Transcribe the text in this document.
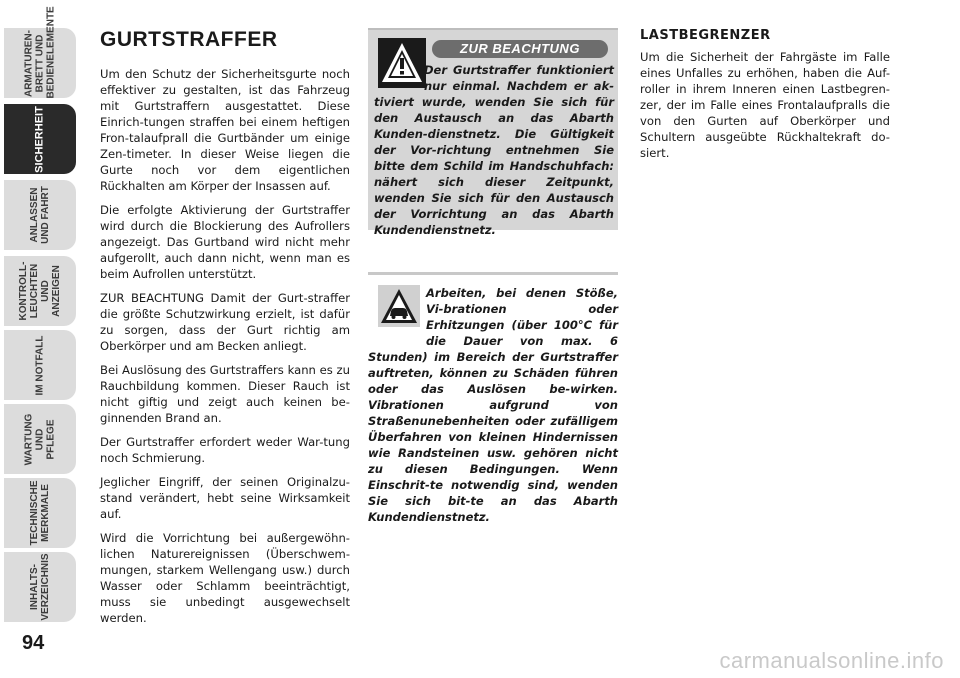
ARMATUREN-
BRETT UND
BEDIENELEMENTE
SICHERHEIT
ANLASSEN
UND FAHRT
KONTROLL-
LEUCHTEN UND
ANZEIGEN
IM NOTFALL
WARTUNG UND
PFLEGE
TECHNISCHE
MERKMALE
INHALTS-
VERZEICHNIS
94
GURTSTRAFFER

Um den Schutz der Sicherheitsgurte noch effektiver zu gestalten, ist das Fahrzeug mit Gurtstraffern ausgestattet. Diese Einrich-tungen straffen bei einem heftigen Fron-talaufprall die Gurtbänder um einige Zen-timeter. In dieser Weise liegen die Gurte noch vor dem eigentlichen Rückhalten am Körper der Insassen auf.

Die erfolgte Aktivierung der Gurtstraffer wird durch die Blockierung des Aufrollers angezeigt. Das Gurtband wird nicht mehr aufgerollt, auch dann nicht, wenn man es beim Aufrollen unterstützt.

ZUR BEACHTUNG Damit der Gurt-straffer die größte Schutzwirkung erzielt, ist dafür zu sorgen, dass der Gurt richtig am Oberkörper und am Becken anliegt.

Bei Auslösung des Gurtstraffers kann es zu Rauchbildung kommen. Dieser Rauch ist nicht giftig und zeigt auch keinen be-ginnenden Brand an.

Der Gurtstraffer erfordert weder War-tung noch Schmierung.

Jeglicher Eingriff, der seinen Originalzu-stand verändert, hebt seine Wirksamkeit auf.

Wird die Vorrichtung bei außergewöhn-lichen Naturereignissen (Überschwem-mungen, starkem Wellengang usw.) durch Wasser oder Schlamm beeinträchtigt, muss sie unbedingt ausgewechselt werden.

ZUR BEACHTUNG
Der Gurtstraffer funktioniert nur einmal. Nachdem er ak-tiviert wurde, wenden Sie sich für den Austausch an das Abarth Kunden-dienstnetz. Die Gültigkeit der Vor-richtung entnehmen Sie bitte dem Schild im Handschuhfach: nähert sich dieser Zeitpunkt, wenden Sie sich für den Austausch der Vorrichtung an das Abarth Kundendienstnetz.
Arbeiten, bei denen Stöße, Vi-brationen oder Erhitzungen (über 100°C für die Dauer von max. 6 Stunden) im Bereich der Gurtstraffer auftreten, können zu Schäden führen oder das Auslösen be-wirken. Vibrationen aufgrund von Straßenunebenheiten oder zufälligem Überfahren von kleinen Hindernissen wie Randsteinen usw. gehören nicht zu diesen Bedingungen. Wenn Einschrit-te notwendig sind, wenden Sie sich bit-te an das Abarth Kundendienstnetz.
LASTBEGRENZER

Um die Sicherheit der Fahrgäste im Falle eines Unfalles zu erhöhen, haben die Auf-roller in ihrem Inneren einen Lastbegren-zer, der im Falle eines Frontalaufpralls die von den Gurten auf Oberkörper und Schultern ausgeübte Rückhaltekraft do-siert.

carmanualsonline.info
